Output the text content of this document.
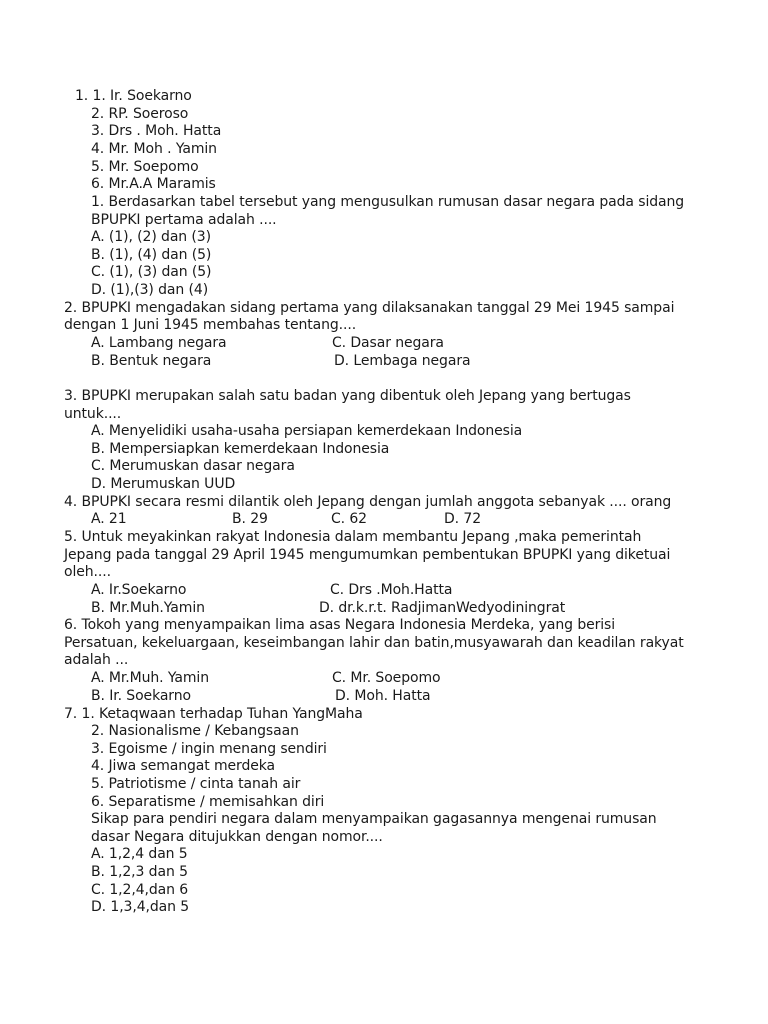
1. 1. Ir. Soekarno
2. RP. Soeroso
3. Drs . Moh. Hatta
4. Mr. Moh . Yamin
5. Mr. Soepomo
6. Mr.A.A Maramis
1. Berdasarkan tabel tersebut yang mengusulkan rumusan dasar negara pada sidang
BPUPKI pertama adalah ....
A. (1), (2) dan (3)
B. (1), (4) dan (5)
C. (1), (3) dan (5)
D. (1),(3) dan (4)
2. BPUPKI mengadakan sidang pertama yang dilaksanakan tanggal 29 Mei 1945 sampai
dengan 1 Juni 1945 membahas tentang....
A. Lambang negara	C. Dasar negara
B. Bentuk negara	D. Lembaga negara
3. BPUPKI merupakan salah satu badan yang dibentuk oleh Jepang yang bertugas
untuk....
A. Menyelidiki usaha-usaha persiapan kemerdekaan Indonesia
B. Mempersiapkan kemerdekaan Indonesia
C. Merumuskan dasar negara
D. Merumuskan UUD
4. BPUPKI secara resmi dilantik oleh Jepang dengan jumlah anggota sebanyak .... orang
A. 21	B. 29	C. 62	D. 72
5. Untuk meyakinkan rakyat Indonesia dalam membantu Jepang ,maka pemerintah
Jepang pada tanggal 29 April 1945 mengumumkan pembentukan BPUPKI yang diketuai
oleh....
A. Ir.Soekarno	C. Drs .Moh.Hatta
B. Mr.Muh.Yamin	D. dr.k.r.t. RadjimanWedyodiningrat
6. Tokoh yang menyampaikan lima asas Negara Indonesia Merdeka, yang berisi
Persatuan, kekeluargaan, keseimbangan lahir dan batin,musyawarah dan keadilan rakyat
adalah ...
A. Mr.Muh. Yamin	C. Mr. Soepomo
B. Ir. Soekarno	D. Moh. Hatta
7. 1. Ketaqwaan terhadap Tuhan YangMaha
2. Nasionalisme / Kebangsaan
3. Egoisme / ingin menang sendiri
4. Jiwa semangat merdeka
5. Patriotisme / cinta tanah air
6. Separatisme / memisahkan diri
Sikap para pendiri negara dalam menyampaikan gagasannya mengenai rumusan
dasar Negara ditujukkan dengan nomor....
A. 1,2,4 dan 5
B. 1,2,3 dan 5
C. 1,2,4,dan 6
D. 1,3,4,dan 5
